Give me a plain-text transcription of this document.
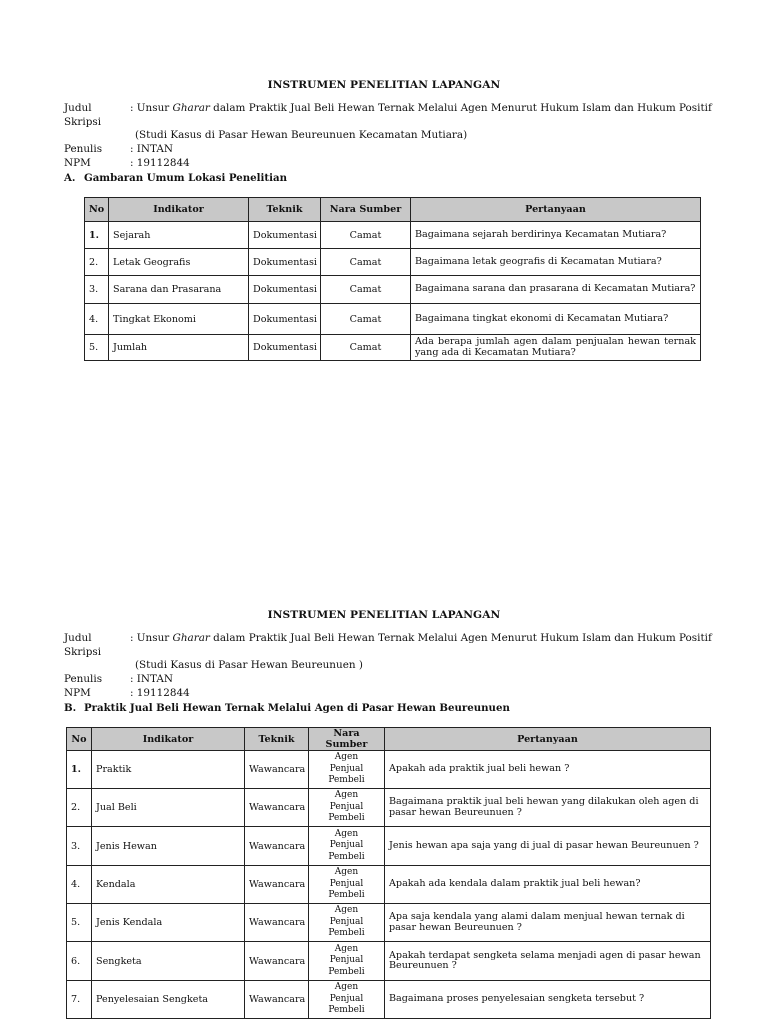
INSTRUMEN PENELITIAN LAPANGAN
Judul Skripsi
: Unsur Gharar dalam Praktik Jual Beli Hewan Ternak Melalui Agen Menurut Hukum Islam dan Hukum Positif
(Studi Kasus di Pasar Hewan Beureunuen Kecamatan Mutiara)
Penulis	: INTAN
NPM	: 19112844
A. Gambaran Umum Lokasi Penelitian
No	Indikator	Teknik	Nara Sumber	Pertanyaan
1.	Sejarah	Dokumentasi	Camat	Bagaimana sejarah berdirinya Kecamatan Mutiara?
2.	Letak Geografis	Dokumentasi	Camat	Bagaimana letak geografis di Kecamatan Mutiara?
3.	Sarana dan Prasarana	Dokumentasi	Camat	Bagaimana sarana dan prasarana di Kecamatan Mutiara?
4.	Tingkat Ekonomi	Dokumentasi	Camat	Bagaimana tingkat ekonomi di Kecamatan Mutiara?
5.	Jumlah	Dokumentasi	Camat	Ada berapa jumlah agen dalam penjualan hewan ternak yang ada di Kecamatan Mutiara?
INSTRUMEN PENELITIAN LAPANGAN
Judul Skripsi
: Unsur Gharar dalam Praktik Jual Beli Hewan Ternak Melalui Agen Menurut Hukum Islam dan Hukum Positif
(Studi Kasus di Pasar Hewan Beureunuen )
Penulis	: INTAN
NPM	: 19112844
B. Praktik Jual Beli Hewan Ternak Melalui Agen di Pasar Hewan Beureunuen
No	Indikator	Teknik	Nara Sumber	Pertanyaan
1.	Praktik	Wawancara	Agen
Penjual
Pembeli	Apakah ada praktik jual beli hewan ?
2.	Jual Beli	Wawancara	Agen
Penjual
Pembeli	Bagaimana praktik jual beli hewan yang dilakukan oleh agen di pasar hewan Beureunuen ?
3.	Jenis Hewan	Wawancara	Agen
Penjual
Pembeli	Jenis hewan apa saja yang di jual di pasar hewan Beureunuen ?
4.	Kendala	Wawancara	Agen
Penjual
Pembeli	Apakah ada kendala dalam praktik jual beli hewan?
5.	Jenis Kendala	Wawancara	Agen
Penjual
Pembeli	Apa saja kendala yang alami dalam menjual hewan ternak di pasar hewan Beureunuen ?
6.	Sengketa	Wawancara	Agen
Penjual
Pembeli	Apakah terdapat sengketa selama menjadi agen di pasar hewan Beureunuen ?
7.	Penyelesaian Sengketa	Wawancara	Agen
Penjual
Pembeli	Bagaimana proses penyelesaian sengketa tersebut ?
